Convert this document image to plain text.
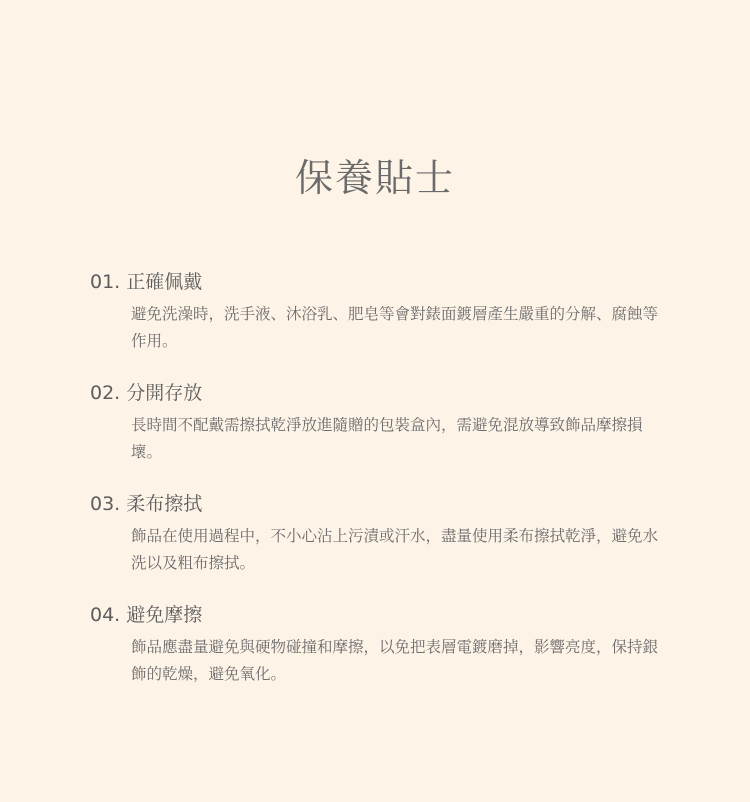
保養貼士
01. 正確佩戴
避免洗澡時，洗手液、沐浴乳、肥皂等會對錶面鍍層產生嚴重的分解、腐蝕等作用。
02. 分開存放
長時間不配戴需擦拭乾淨放進隨贈的包裝盒內，需避免混放導致飾品摩擦損壞。
03. 柔布擦拭
飾品在使用過程中，不小心沾上污漬或汗水，盡量使用柔布擦拭乾淨，避免水洗以及粗布擦拭。
04. 避免摩擦
飾品應盡量避免與硬物碰撞和摩擦，以免把表層電鍍磨掉，影響亮度，保持銀飾的乾燥，避免氧化。
